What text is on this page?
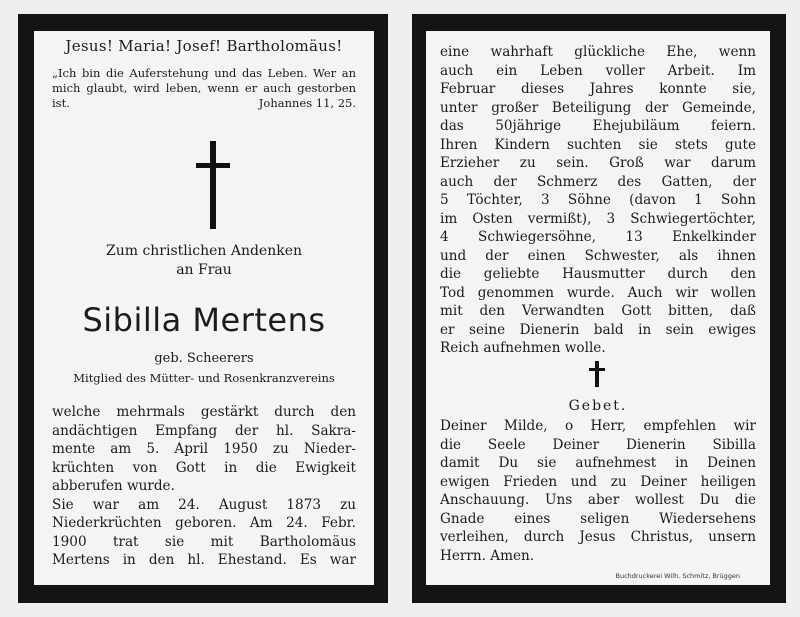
Jesus! Maria! Josef! Bartholomäus!
„Ich bin die Auferstehung und das Leben. Wer an mich glaubt, wird leben, wenn er auch gestorben ist.	Johannes 11, 25.
Zum christlichen Andenken
an Frau
Sibilla Mertens
geb. Scheerers
Mitglied des Mütter- und Rosenkranzvereins
welche mehrmals gestärkt durch den
andächtigen Empfang der hl. Sakra-
mente am 5. April 1950 zu Nieder-
krüchten von Gott in die Ewigkeit
abberufen wurde.
Sie war am 24. August 1873 zu
Niederkrüchten geboren. Am 24. Febr.
1900 trat sie mit Bartholomäus
Mertens in den hl. Ehestand. Es war
eine wahrhaft glückliche Ehe, wenn
auch ein Leben voller Arbeit. Im
Februar dieses Jahres konnte sie,
unter großer Beteiligung der Gemeinde,
das 50jährige Ehejubiläum feiern.
Ihren Kindern suchten sie stets gute
Erzieher zu sein. Groß war darum
auch der Schmerz des Gatten, der
5 Töchter, 3 Söhne (davon 1 Sohn
im Osten vermißt), 3 Schwiegertöchter,
4 Schwiegersöhne, 13 Enkelkinder
und der einen Schwester, als ihnen
die geliebte Hausmutter durch den
Tod genommen wurde. Auch wir wollen
mit den Verwandten Gott bitten, daß
er seine Dienerin bald in sein ewiges
Reich aufnehmen wolle.
Gebet.
Deiner Milde, o Herr, empfehlen wir
die Seele Deiner Dienerin Sibilla
damit Du sie aufnehmest in Deinen
ewigen Frieden und zu Deiner heiligen
Anschauung. Uns aber wollest Du die
Gnade eines seligen Wiedersehens
verleihen, durch Jesus Christus, unsern
Herrn. Amen.
Buchdruckerei Wilh. Schmitz, Brüggen
